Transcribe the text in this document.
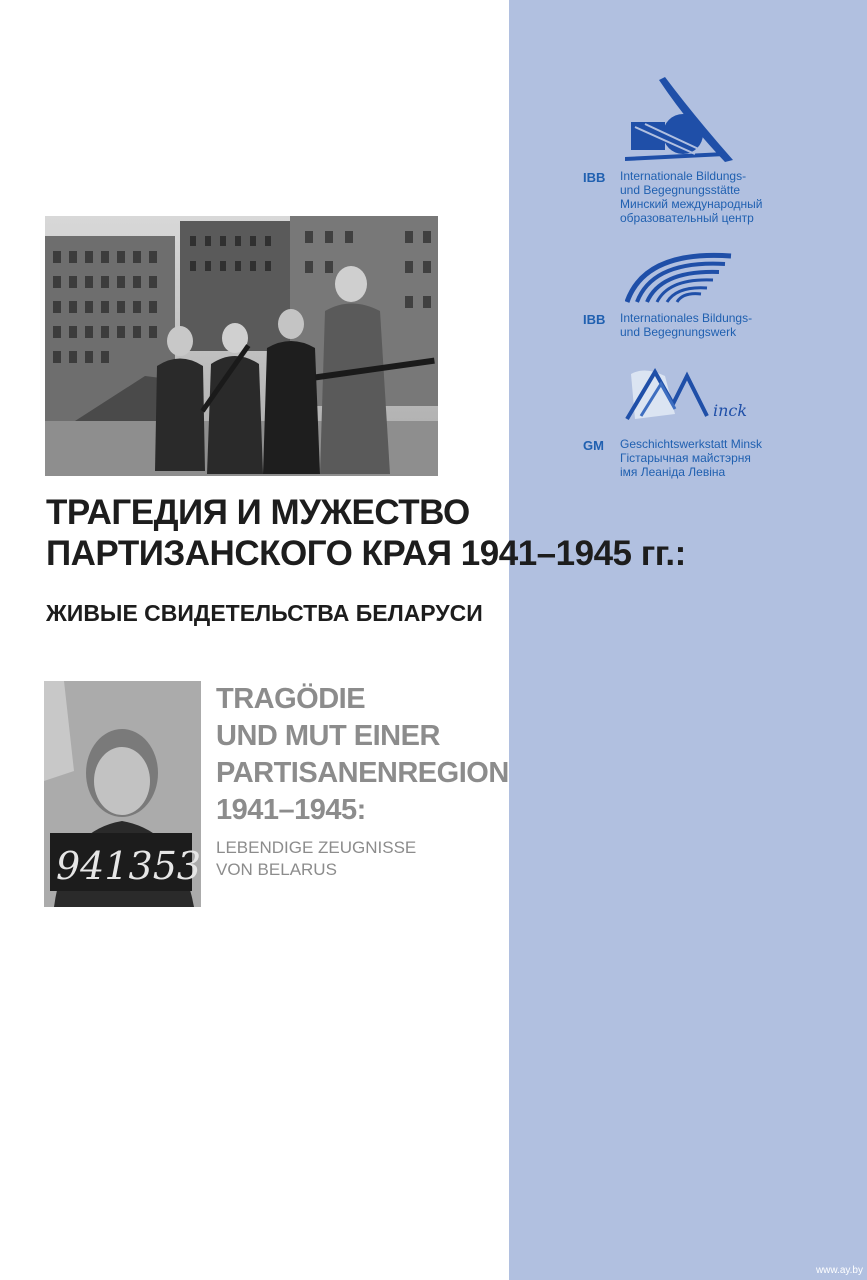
941353
ТРАГЕДИЯ И МУЖЕСТВО
ПАРТИЗАНСКОГО КРАЯ 1941–1945 гг.:
ЖИВЫЕ СВИДЕТЕЛЬСТВА БЕЛАРУСИ
TRAGÖDIE
UND MUT EINER
PARTISANENREGION
1941–1945:

LEBENDIGE ZEUGNISSE
VON BELARUS

IBB Internationale Bildungs-
und Begegnungsstätte
Минский международный
образовательный центр
IBB Internationales Bildungs-
und Begegnungswerk
inck
GM Geschichtswerkstatt Minsk
Гістарычная майстэрня
імя Леаніда Левіна
www.ay.by
